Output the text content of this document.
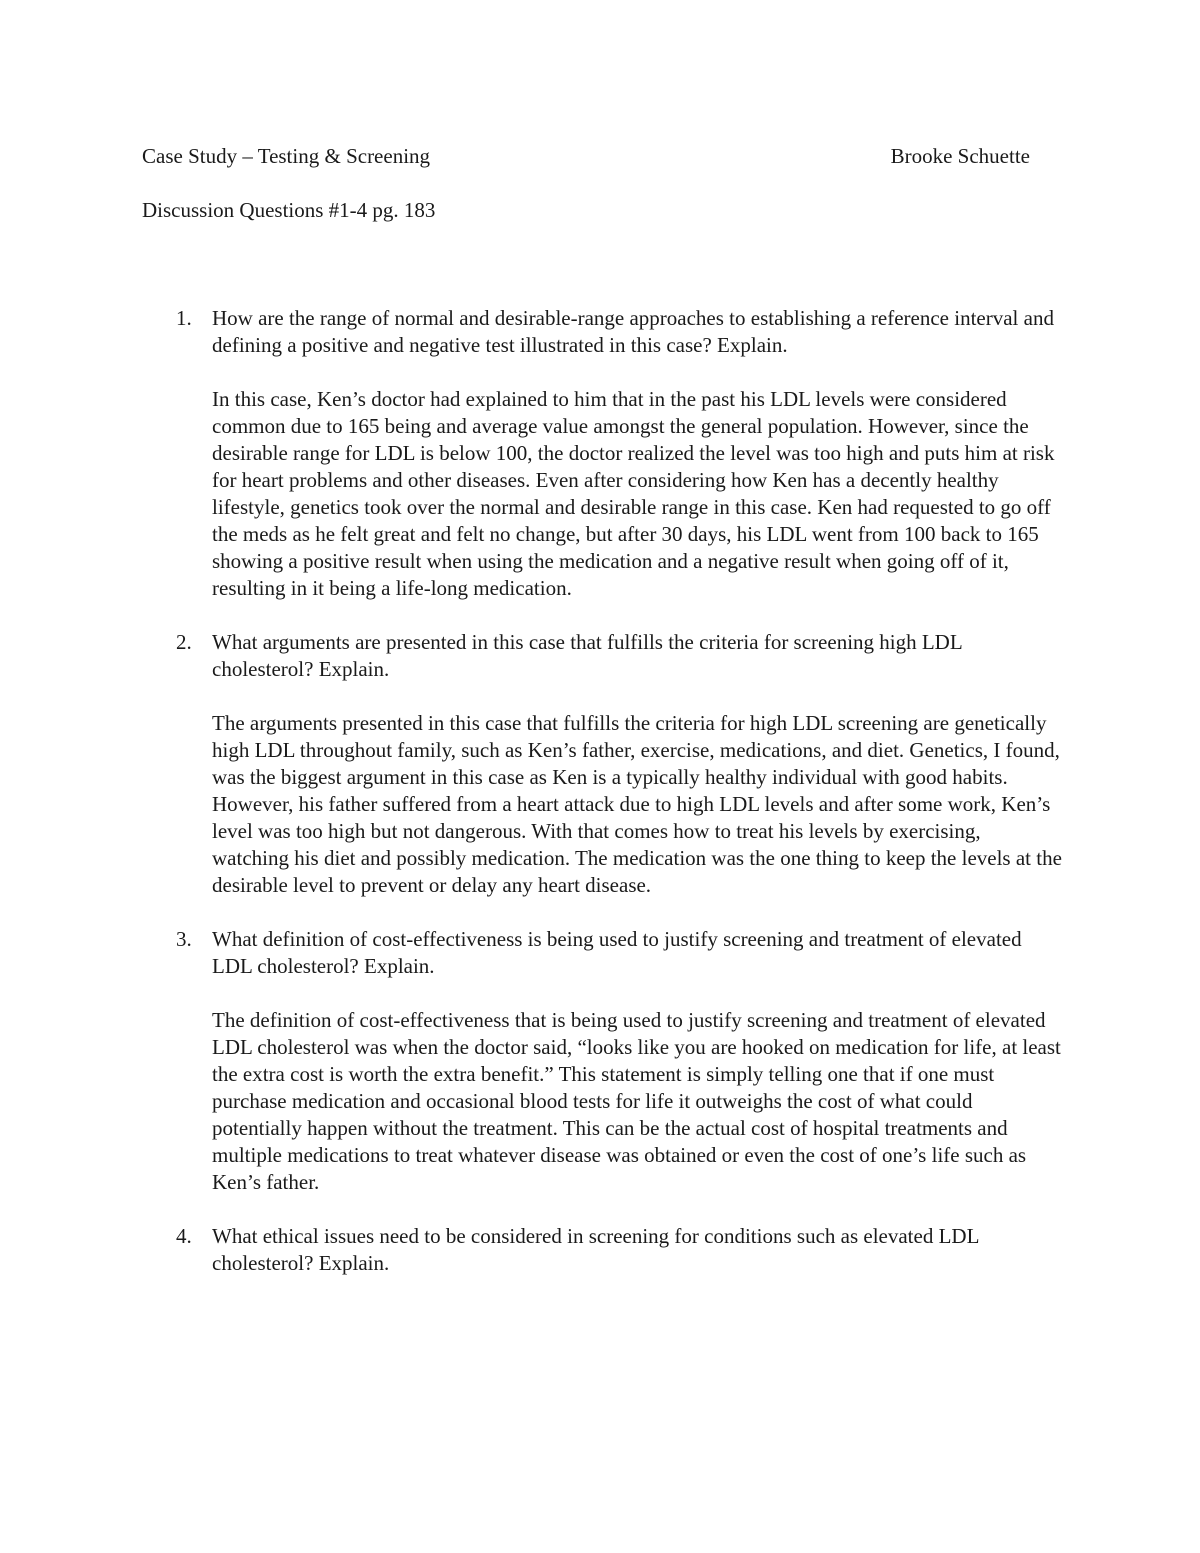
Case Study – Testing & Screening	Brooke Schuette
Discussion Questions #1-4 pg. 183
1. How are the range of normal and desirable-range approaches to establishing a reference interval and defining a positive and negative test illustrated in this case? Explain.

In this case, Ken’s doctor had explained to him that in the past his LDL levels were considered common due to 165 being and average value amongst the general population. However, since the desirable range for LDL is below 100, the doctor realized the level was too high and puts him at risk for heart problems and other diseases. Even after considering how Ken has a decently healthy lifestyle, genetics took over the normal and desirable range in this case. Ken had requested to go off the meds as he felt great and felt no change, but after 30 days, his LDL went from 100 back to 165 showing a positive result when using the medication and a negative result when going off of it, resulting in it being a life-long medication.

2. What arguments are presented in this case that fulfills the criteria for screening high LDL cholesterol? Explain.

The arguments presented in this case that fulfills the criteria for high LDL screening are genetically high LDL throughout family, such as Ken’s father, exercise, medications, and diet. Genetics, I found, was the biggest argument in this case as Ken is a typically healthy individual with good habits. However, his father suffered from a heart attack due to high LDL levels and after some work, Ken’s level was too high but not dangerous. With that comes how to treat his levels by exercising, watching his diet and possibly medication. The medication was the one thing to keep the levels at the desirable level to prevent or delay any heart disease.

3. What definition of cost-effectiveness is being used to justify screening and treatment of elevated LDL cholesterol? Explain.

The definition of cost-effectiveness that is being used to justify screening and treatment of elevated LDL cholesterol was when the doctor said, “looks like you are hooked on medication for life, at least the extra cost is worth the extra benefit.” This statement is simply telling one that if one must purchase medication and occasional blood tests for life it outweighs the cost of what could potentially happen without the treatment. This can be the actual cost of hospital treatments and multiple medications to treat whatever disease was obtained or even the cost of one’s life such as Ken’s father.

4. What ethical issues need to be considered in screening for conditions such as elevated LDL cholesterol? Explain.
